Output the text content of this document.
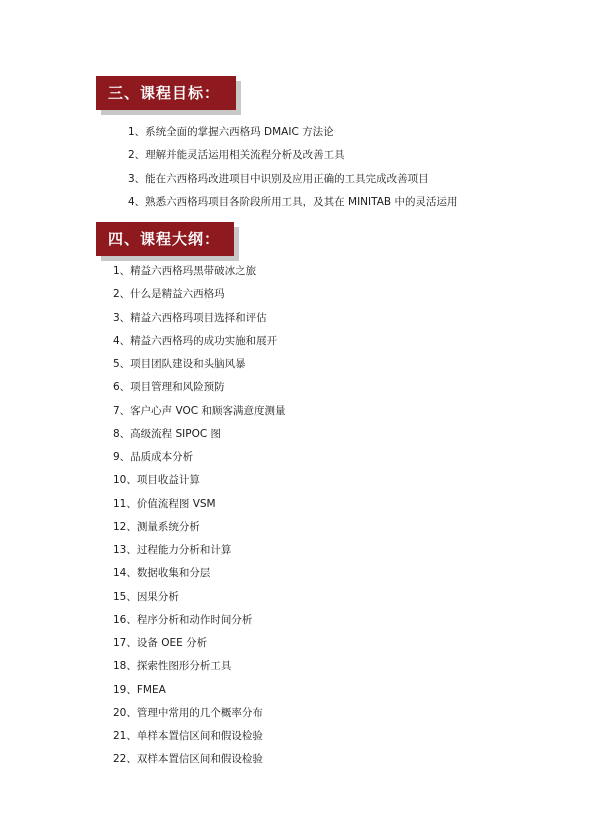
三、课程目标：
1、系统全面的掌握六西格玛 DMAIC 方法论
2、理解并能灵活运用相关流程分析及改善工具
3、能在六西格玛改进项目中识别及应用正确的工具完成改善项目
4、熟悉六西格玛项目各阶段所用工具，及其在 MINITAB 中的灵活运用
四、课程大纲：
1、精益六西格玛黑带破冰之旅
2、什么是精益六西格玛
3、精益六西格玛项目选择和评估
4、精益六西格玛的成功实施和展开
5、项目团队建设和头脑风暴
6、项目管理和风险预防
7、客户心声 VOC 和顾客满意度测量
8、高级流程 SIPOC 图
9、品质成本分析
10、项目收益计算
11、价值流程图 VSM
12、测量系统分析
13、过程能力分析和计算
14、数据收集和分层
15、因果分析
16、程序分析和动作时间分析
17、设备 OEE 分析
18、探索性图形分析工具
19、FMEA
20、管理中常用的几个概率分布
21、单样本置信区间和假设检验
22、双样本置信区间和假设检验
